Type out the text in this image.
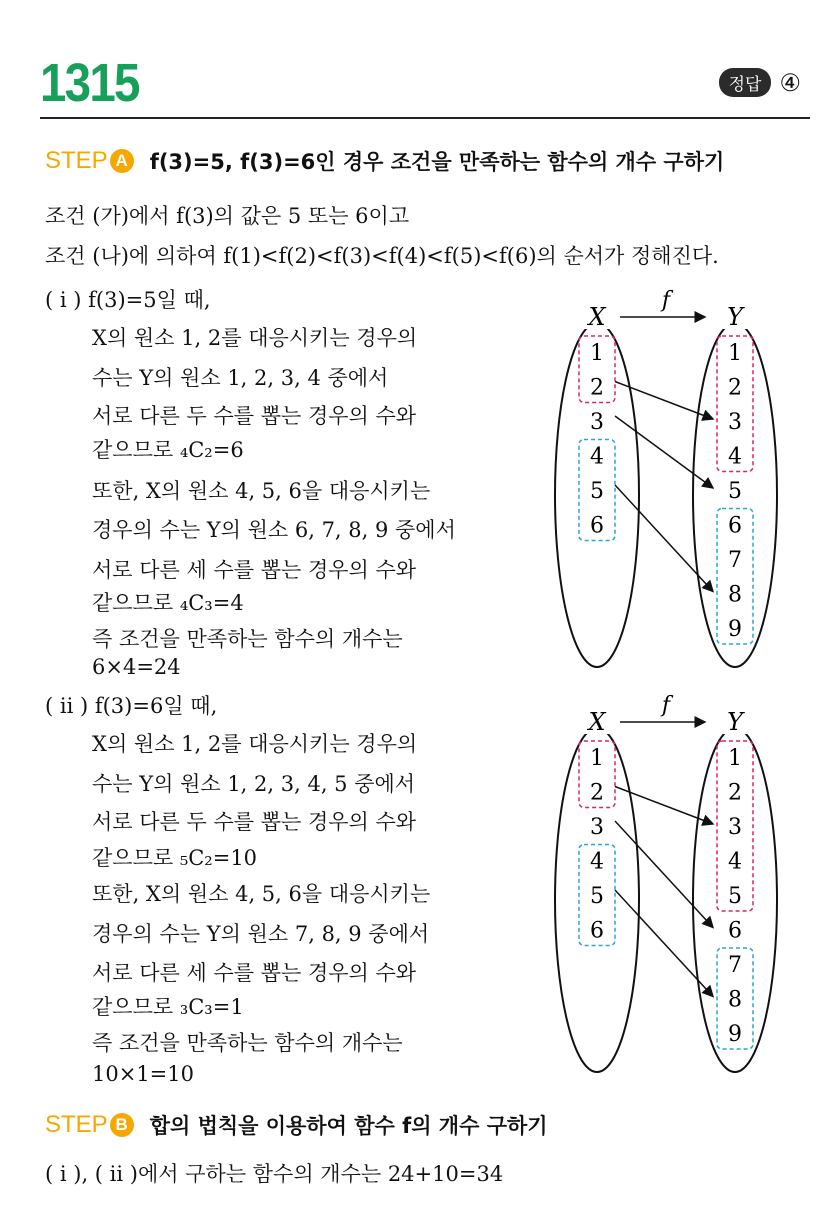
1315	정답 ④
STEP A f(3)=5, f(3)=6인 경우 조건을 만족하는 함수의 개수 구하기
조건 (가)에서 f(3)의 값은 5 또는 6이고
조건 (나)에 의하여 f(1)<f(2)<f(3)<f(4)<f(5)<f(6)의 순서가 정해진다.
( i ) f(3)=5일 때,
X의 원소 1, 2를 대응시키는 경우의
수는 Y의 원소 1, 2, 3, 4 중에서
서로 다른 두 수를 뽑는 경우의 수와
같으므로 ₄C₂=6
또한, X의 원소 4, 5, 6을 대응시키는
경우의 수는 Y의 원소 6, 7, 8, 9 중에서
서로 다른 세 수를 뽑는 경우의 수와
같으므로 ₄C₃=4
즉 조건을 만족하는 함수의 개수는
6×4=24
( ii ) f(3)=6일 때,
X의 원소 1, 2를 대응시키는 경우의
수는 Y의 원소 1, 2, 3, 4, 5 중에서
서로 다른 두 수를 뽑는 경우의 수와
같으므로 ₅C₂=10
또한, X의 원소 4, 5, 6을 대응시키는
경우의 수는 Y의 원소 7, 8, 9 중에서
서로 다른 세 수를 뽑는 경우의 수와
같으므로 ₃C₃=1
즉 조건을 만족하는 함수의 개수는
10×1=10
X	Y
f
1
2
3
4
5
6
1
2
3
4
5
6
7
8
9
X	Y
f
1
2
3
4
5
6
1
2
3
4
5
6
7
8
9
STEP B 합의 법칙을 이용하여 함수 f의 개수 구하기
( i ), ( ii )에서 구하는 함수의 개수는 24+10=34
